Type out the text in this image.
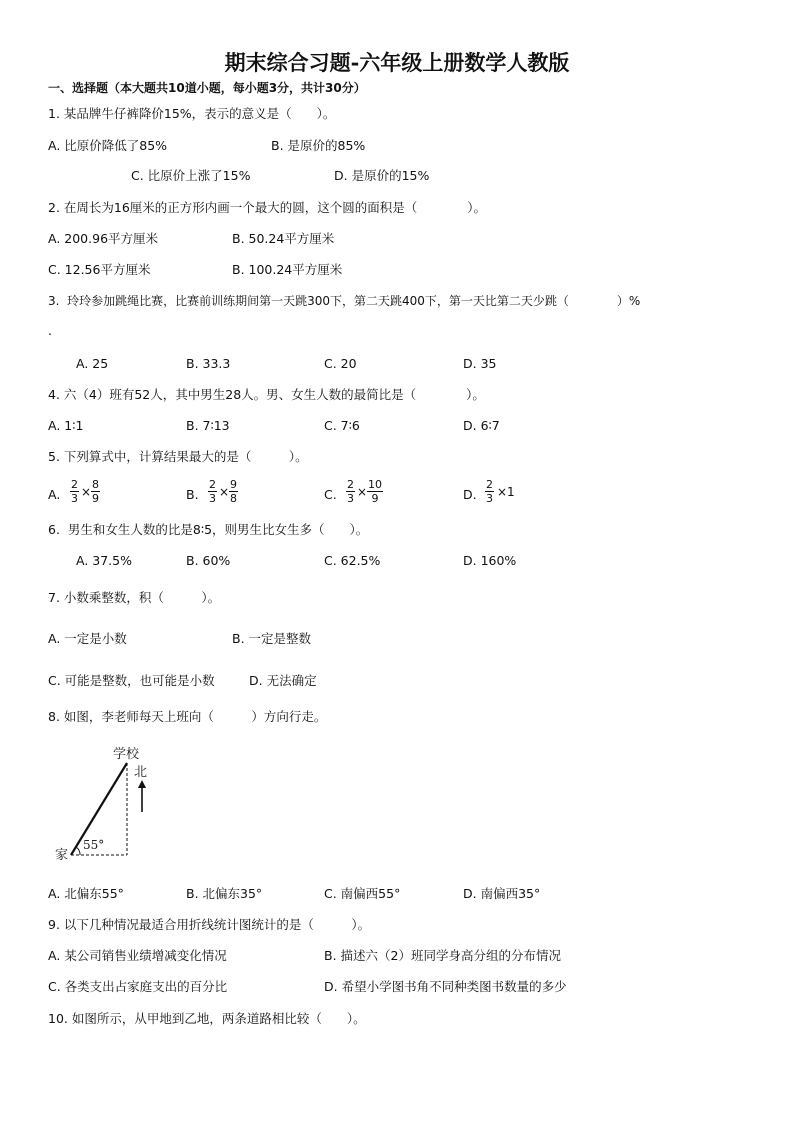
期末综合习题-六年级上册数学人教版
一、选择题（本大题共10道小题，每小题3分，共计30分）
1. 某品牌牛仔裤降价15%，表示的意义是（　　）。
A. 比原价降低了85%	B. 是原价的85%
C. 比原价上涨了15%	D. 是原价的15%
2. 在周长为16厘米的正方形内画一个最大的圆，这个圆的面积是（　　　　）。
A. 200.96平方厘米	B. 50.24平方厘米
C. 12.56平方厘米	B. 100.24平方厘米
3.  玲玲参加跳绳比赛，比赛前训练期间第一天跳300下，第二天跳400下，第一天比第二天少跳（　　　　）%
.
A. 25	B. 33.3	C. 20	D. 35
4. 六（4）班有52人，其中男生28人。男、女生人数的最简比是（　　　　）。
A. 1∶1	B. 7∶13	C. 7∶6	D. 6∶7
5. 下列算式中，计算结果最大的是（　　　）。
A. $\frac{2}{3} \times \frac{8}{9}$	B. $\frac{2}{3} \times \frac{9}{8}$	C. $\frac{2}{3} \times \frac{10}{9}$	D. $\frac{2}{3} \times 1$
6.  男生和女生人数的比是8∶5，则男生比女生多（　　）。
A. 37.5%	B. 60%	C. 62.5%	D. 160%
7. 小数乘整数，积（　　　）。
A. 一定是小数	B. 一定是整数
C. 可能是整数，也可能是小数	D. 无法确定
8. 如图，李老师每天上班向（　　　）方向行走。
学校
北
55°
家
A. 北偏东55°	B. 北偏东35°	C. 南偏西55°	D. 南偏西35°
9. 以下几种情况最适合用折线统计图统计的是（　　　）。
A. 某公司销售业绩增减变化情况	B. 描述六（2）班同学身高分组的分布情况
C. 各类支出占家庭支出的百分比	D. 希望小学图书角不同种类图书数量的多少
10. 如图所示，从甲地到乙地，两条道路相比较（　　）。
